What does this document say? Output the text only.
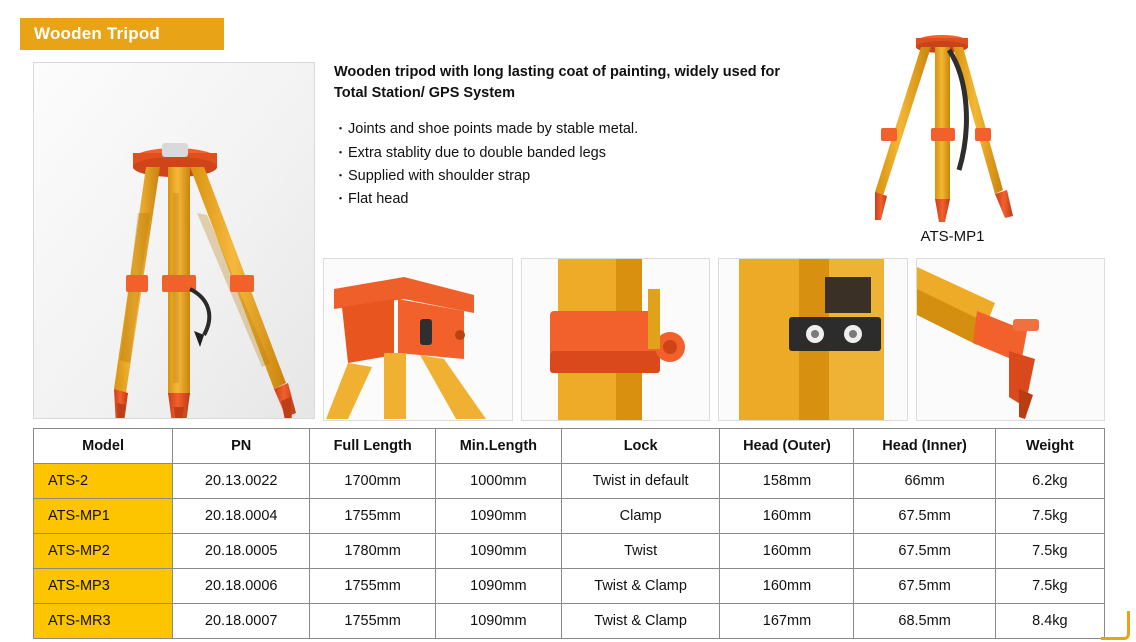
Wooden Tripod

Wooden tripod with long lasting coat of painting, widely used for Total Station/ GPS System

・ Joints and shoe points made by stable metal.
・ Extra stablity due to double banded legs
・ Supplied with shoulder strap
・ Flat head
ATS-MP1
Model	PN	Full Length	Min.Length	Lock	Head (Outer)	Head (Inner)	Weight
ATS-2	20.13.0022	1700mm	1000mm	Twist in default	158mm	66mm	6.2kg
ATS-MP1	20.18.0004	1755mm	1090mm	Clamp	160mm	67.5mm	7.5kg
ATS-MP2	20.18.0005	1780mm	1090mm	Twist	160mm	67.5mm	7.5kg
ATS-MP3	20.18.0006	1755mm	1090mm	Twist & Clamp	160mm	67.5mm	7.5kg
ATS-MR3	20.18.0007	1755mm	1090mm	Twist & Clamp	167mm	68.5mm	8.4kg
